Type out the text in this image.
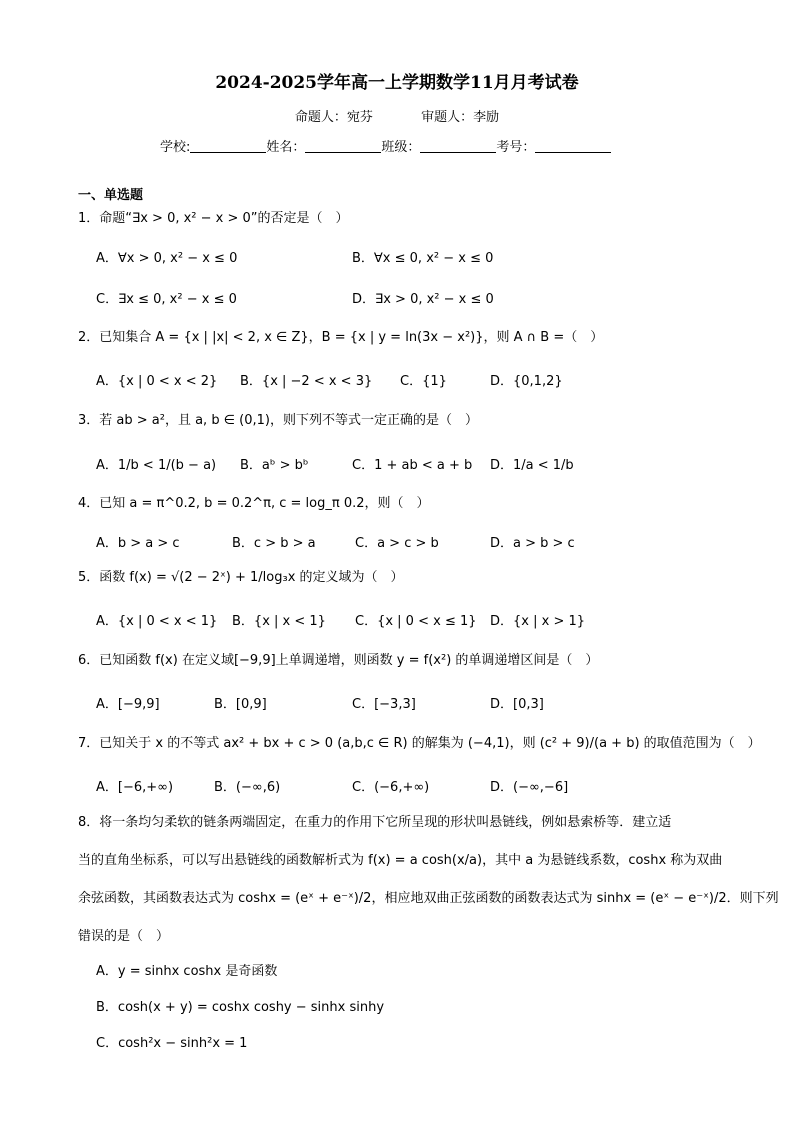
2024-2025学年高一上学期数学11月月考试卷
命题人：宛芬	审题人：李励
学校:	姓名：	班级：	考号：
一、单选题
1．命题“∃x > 0, x² − x > 0”的否定是（　）
A．∀x > 0, x² − x ≤ 0	B．∀x ≤ 0, x² − x ≤ 0
C．∃x ≤ 0, x² − x ≤ 0	D．∃x > 0, x² − x ≤ 0
2．已知集合 A = {x | |x| < 2, x ∈ Z}，B = {x | y = ln(3x − x²)}，则 A ∩ B =（　）
A．{x | 0 < x < 2} B．{x | −2 < x < 3} C．{1}	D．{0,1,2}
3．若 ab > a²，且 a, b ∈ (0,1)，则下列不等式一定正确的是（　）
A．1/b < 1/(b − a) B．aᵇ > bᵇ	C．1 + ab < a + b D．1/a < 1/b
4．已知 a = π^0.2, b = 0.2^π, c = log_π 0.2，则（　）
A．b > a > c	B．c > b > a	C．a > c > b	D．a > b > c
5．函数 f(x) = √(2 − 2ˣ) + 1/log₃x 的定义域为（　）
A．{x | 0 < x < 1} B．{x | x < 1} C．{x | 0 < x ≤ 1} D．{x | x > 1}
6．已知函数 f(x) 在定义域[−9,9]上单调递增，则函数 y = f(x²) 的单调递增区间是（　）
A．[−9,9]	B．[0,9]	C．[−3,3]	D．[0,3]
7．已知关于 x 的不等式 ax² + bx + c > 0 (a,b,c ∈ R) 的解集为 (−4,1)，则 (c² + 9)/(a + b) 的取值范围为（　）
A．[−6,+∞)	B．(−∞,6)	C．(−6,+∞)	D．(−∞,−6]
8．将一条均匀柔软的链条两端固定，在重力的作用下它所呈现的形状叫悬链线，例如悬索桥等．建立适
当的直角坐标系，可以写出悬链线的函数解析式为 f(x) = a cosh(x/a)，其中 a 为悬链线系数，coshx 称为双曲
余弦函数，其函数表达式为 coshx = (eˣ + e⁻ˣ)/2，相应地双曲正弦函数的函数表达式为 sinhx = (eˣ − e⁻ˣ)/2．则下列
错误的是（　）
A．y = sinhx coshx 是奇函数
B．cosh(x + y) = coshx coshy − sinhx sinhy
C．cosh²x − sinh²x = 1
